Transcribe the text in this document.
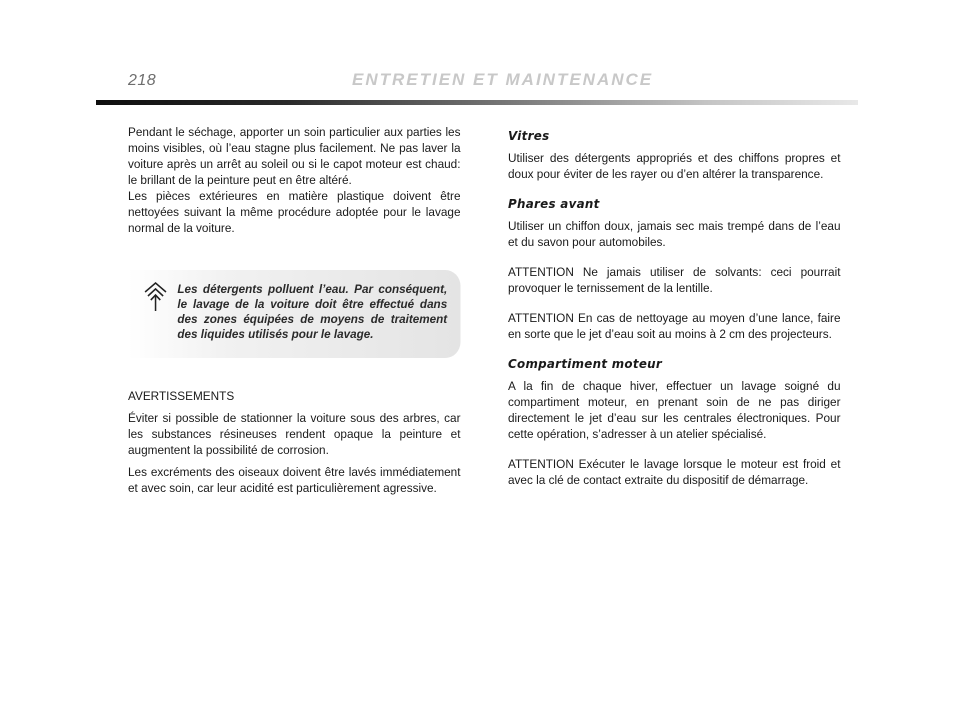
218	ENTRETIEN ET MAINTENANCE

Pendant le séchage, apporter un soin particulier aux parties les moins visibles, où l’eau stagne plus facilement. Ne pas laver la voiture après un arrêt au soleil ou si le capot moteur est chaud: le brillant de la peinture peut en être altéré.

Les pièces extérieures en matière plastique doivent être nettoyées suivant la même procédure adoptée pour le lavage normal de la voiture.

Les détergents polluent l’eau. Par conséquent, le lavage de la voiture doit être effectué dans des zones équipées de moyens de traitement des liquides utilisés pour le lavage.

AVERTISSEMENTS

Éviter si possible de stationner la voiture sous des arbres, car les substances résineuses rendent opaque la peinture et augmentent la possibilité de corrosion.

Les excréments des oiseaux doivent être lavés immédiatement et avec soin, car leur acidité est particulièrement agressive.

Vitres

Utiliser des détergents appropriés et des chiffons propres et doux pour éviter de les rayer ou d’en altérer la transparence.

Phares avant

Utiliser un chiffon doux, jamais sec mais trempé dans de l’eau et du savon pour automobiles.

ATTENTION Ne jamais utiliser de solvants: ceci pourrait provoquer le ternissement de la lentille.

ATTENTION En cas de nettoyage au moyen d’une lance, faire en sorte que le jet d’eau soit au moins à 2 cm des projecteurs.

Compartiment moteur

A la fin de chaque hiver, effectuer un lavage soigné du compartiment moteur, en prenant soin de ne pas diriger directement le jet d’eau sur les centrales électroniques. Pour cette opération, s’adresser à un atelier spécialisé.

ATTENTION Exécuter le lavage lorsque le moteur est froid et avec la clé de contact extraite du dispositif de démarrage.
